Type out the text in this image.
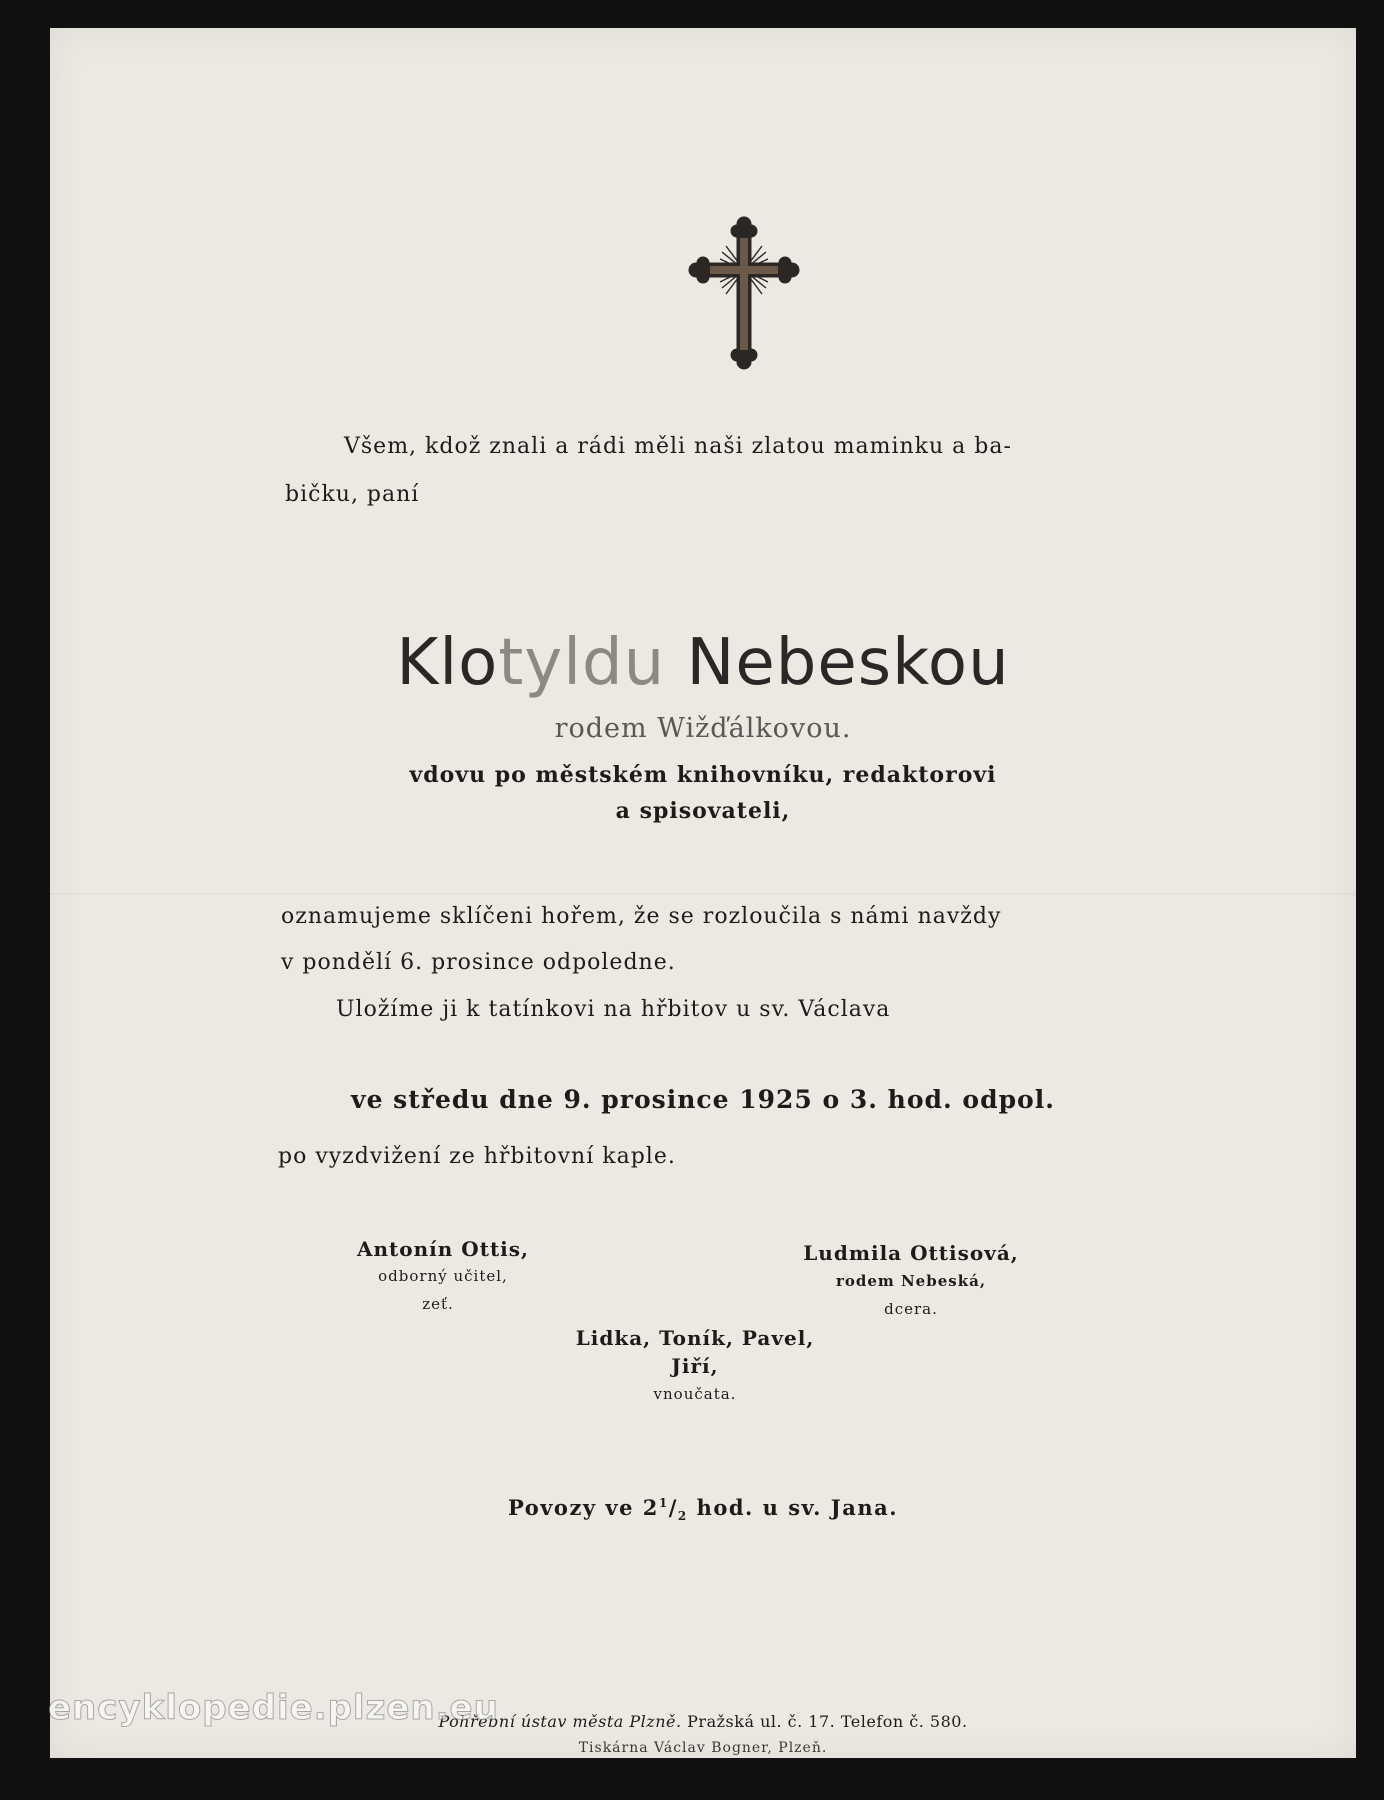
Všem, kdož znali a rádi měli naši zlatou maminku a ba-
bičku, paní
Klotyldu Nebeskou
rodem Wižďálkovou.
vdovu po městském knihovníku, redaktorovi
a spisovateli,
oznamujeme sklíčeni hořem, že se rozloučila s námi navždy
v pondělí 6. prosince odpoledne.
Uložíme ji k tatínkovi na hřbitov u sv. Václava
ve středu dne 9. prosince 1925 o 3. hod. odpol.
po vyzdvižení ze hřbitovní kaple.
Antonín Ottis,
odborný učitel,
zeť.
Ludmila Ottisová,
rodem Nebeská,
dcera.
Lidka, Toník, Pavel,
Jiří,
vnoučata.
Povozy ve $2^1/_2$ hod. u sv. Jana.
Pohřební ústav města Plzně. Pražská ul. č. 17. Telefon č. 580.
Tiskárna Václav Bogner, Plzeň.
encyklopedie.plzen.eu
